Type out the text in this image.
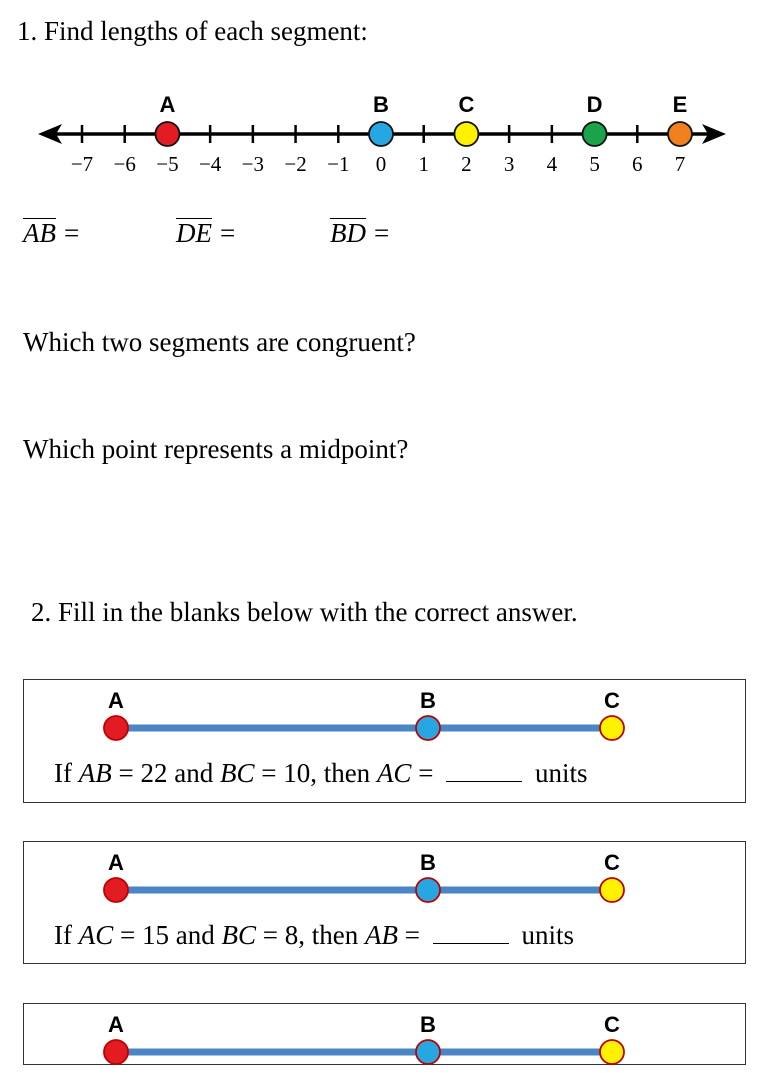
1. Find lengths of each segment:
−7 −6 −5 −4 −3 −2 −1 0 1 2 3 4 5 6 7
A	B	C	D	E
AB =	DE =	BD =
Which two segments are congruent?
Which point represents a midpoint?
2. Fill in the blanks below with the correct answer.
A	B	C
If AB = 22 and BC = 10, then AC =	units
A	B	C
If AC = 15 and BC = 8, then AB =	units
A	B	C
